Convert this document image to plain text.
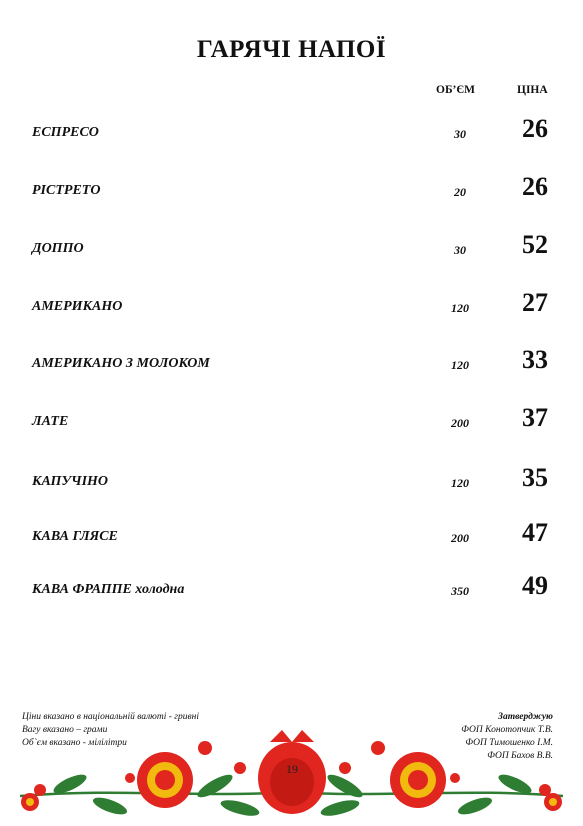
ГАРЯЧІ НАПОЇ
ОБ’ЄМ	ЦІНА
ЕСПРЕСО	30	26
РІСТРЕТО	20	26
ДОППО	30	52
АМЕРИКАНО	120	27
АМЕРИКАНО З МОЛОКОМ	120	33
ЛАТЕ	200	37
КАПУЧІНО	120	35
КАВА ГЛЯСЕ	200	47
КАВА ФРАППЕ холодна	350	49
Ціни вказано в національній валюті - гривні
Вагу вказано – грами
Об`єм вказано - мілілітри
Затверджую
ФОП Конотопчик Т.В.
ФОП Тимошенко І.М.
ФОП Бахов В.В.
19
